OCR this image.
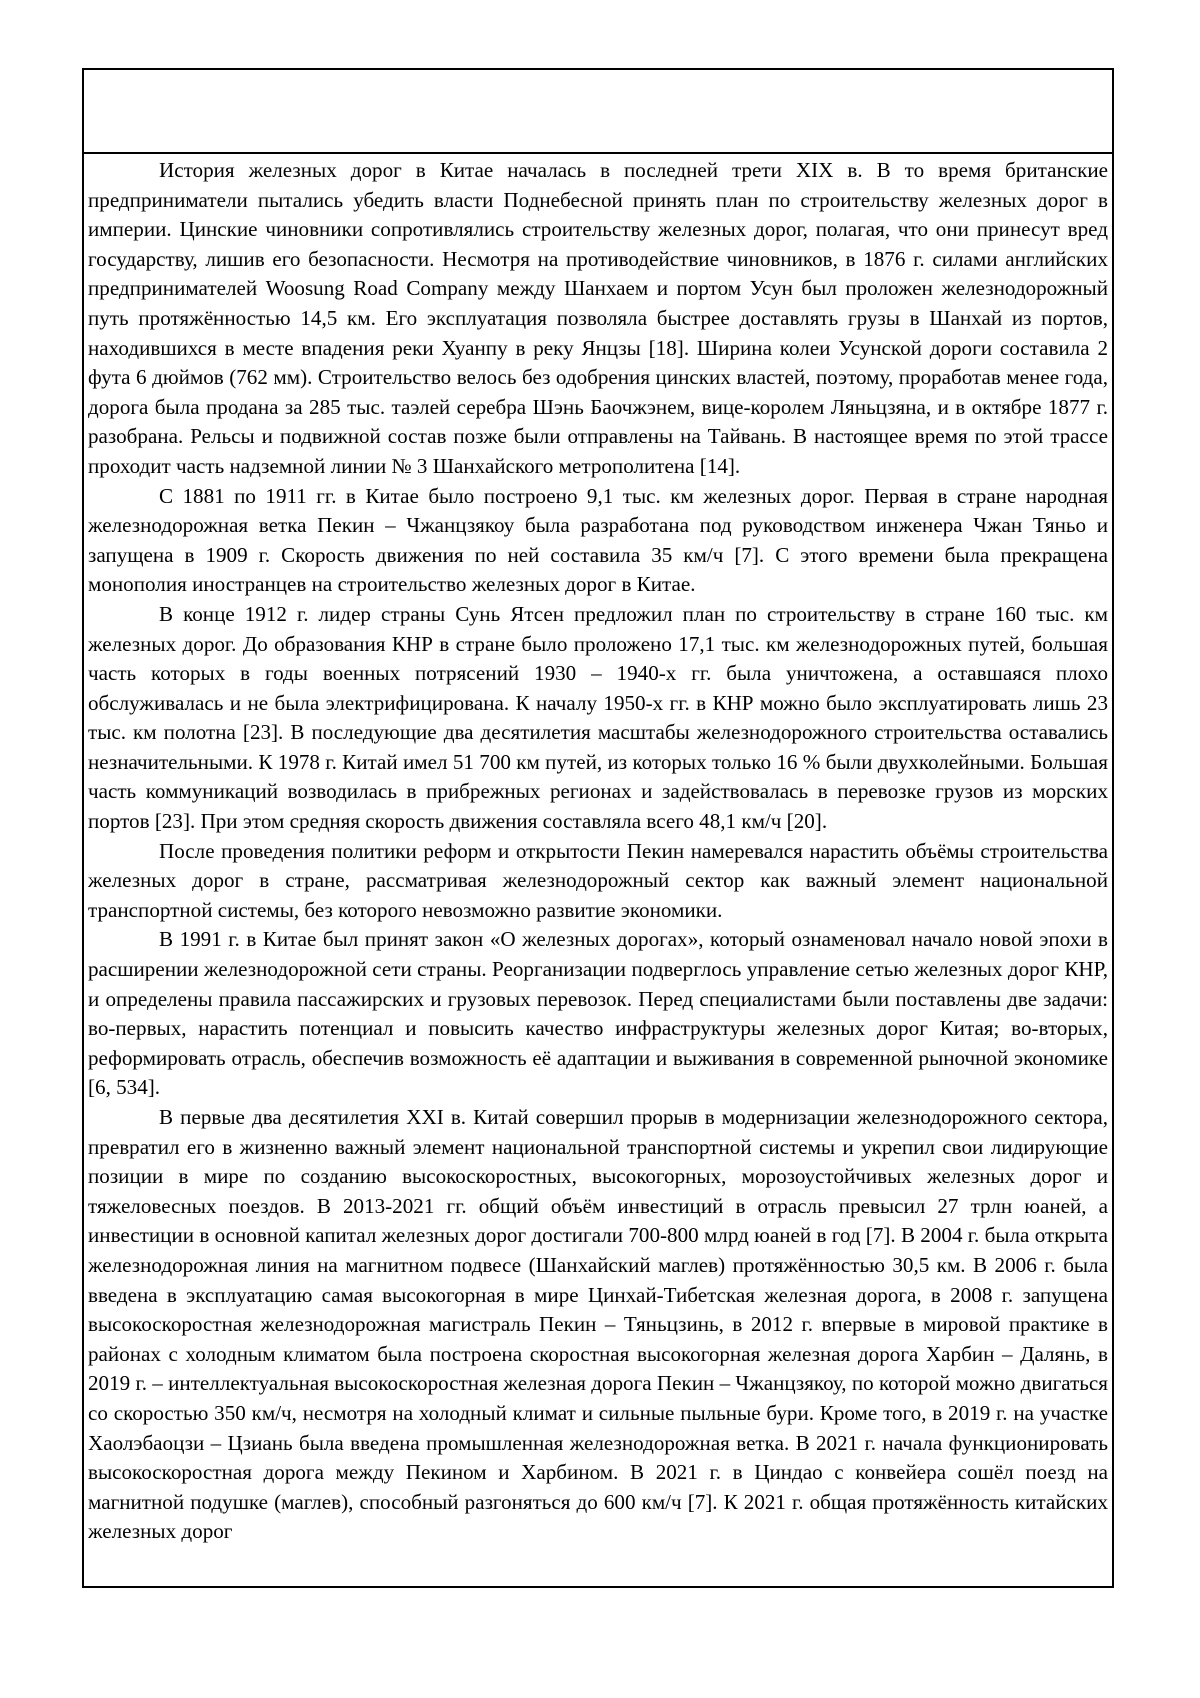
История железных дорог в Китае началась в последней трети XIX в. В то время британские предприниматели пытались убедить власти Поднебесной принять план по строительству железных дорог в империи. Цинские чиновники сопротивлялись строительству железных дорог, полагая, что они принесут вред государству, лишив его безопасности. Несмотря на противодействие чиновников, в 1876 г. силами английских предпринимателей Woosung Road Company между Шанхаем и портом Усун был проложен железнодорожный путь протяжённостью 14,5 км. Его эксплуатация позволяла быстрее доставлять грузы в Шанхай из портов, находившихся в месте впадения реки Хуанпу в реку Янцзы [18]. Ширина колеи Усунской дороги составила 2 фута 6 дюймов (762 мм). Строительство велось без одобрения цинских властей, поэтому, проработав менее года, дорога была продана за 285 тыс. таэлей серебра Шэнь Баочжэнем, вице-королем Ляньцзяна, и в октябре 1877 г. разобрана. Рельсы и подвижной состав позже были отправлены на Тайвань. В настоящее время по этой трассе проходит часть надземной линии № 3 Шанхайского метрополитена [14].

С 1881 по 1911 гг. в Китае было построено 9,1 тыс. км железных дорог. Первая в стране народная железнодорожная ветка Пекин – Чжанцзякоу была разработана под руководством инженера Чжан Тяньо и запущена в 1909 г. Скорость движения по ней составила 35 км/ч [7]. С этого времени была прекращена монополия иностранцев на строительство железных дорог в Китае.

В конце 1912 г. лидер страны Сунь Ятсен предложил план по строительству в стране 160 тыс. км железных дорог. До образования КНР в стране было проложено 17,1 тыс. км железнодорожных путей, большая часть которых в годы военных потрясений 1930 – 1940-х гг. была уничтожена, а оставшаяся плохо обслуживалась и не была электрифицирована. К началу 1950-х гг. в КНР можно было эксплуатировать лишь 23 тыс. км полотна [23]. В последующие два десятилетия масштабы железнодорожного строительства оставались незначительными. К 1978 г. Китай имел 51 700 км путей, из которых только 16 % были двухколейными. Большая часть коммуникаций возводилась в прибрежных регионах и задействовалась в перевозке грузов из морских портов [23]. При этом средняя скорость движения составляла всего 48,1 км/ч [20].

После проведения политики реформ и открытости Пекин намеревался нарастить объёмы строительства железных дорог в стране, рассматривая железнодорожный сектор как важный элемент национальной транспортной системы, без которого невозможно развитие экономики.

В 1991 г. в Китае был принят закон «О железных дорогах», который ознаменовал начало новой эпохи в расширении железнодорожной сети страны. Реорганизации подверглось управление сетью железных дорог КНР, и определены правила пассажирских и грузовых перевозок. Перед специалистами были поставлены две задачи: во-первых, нарастить потенциал и повысить качество инфраструктуры железных дорог Китая; во-вторых, реформировать отрасль, обеспечив возможность её адаптации и выживания в современной рыночной экономике [6, 534].

В первые два десятилетия XXI в. Китай совершил прорыв в модернизации железнодорожного сектора, превратил его в жизненно важный элемент национальной транспортной системы и укрепил свои лидирующие позиции в мире по созданию высокоскоростных, высокогорных, морозоустойчивых железных дорог и тяжеловесных поездов. В 2013-2021 гг. общий объём инвестиций в отрасль превысил 27 трлн юаней, а инвестиции в основной капитал железных дорог достигали 700-800 млрд юаней в год [7]. В 2004 г. была открыта железнодорожная линия на магнитном подвесе (Шанхайский маглев) протяжённостью 30,5 км. В 2006 г. была введена в эксплуатацию самая высокогорная в мире Цинхай-Тибетская железная дорога, в 2008 г. запущена высокоскоростная железнодорожная магистраль Пекин – Тяньцзинь, в 2012 г. впервые в мировой практике в районах с холодным климатом была построена скоростная высокогорная железная дорога Харбин – Далянь, в 2019 г. – интеллектуальная высокоскоростная железная дорога Пекин – Чжанцзякоу, по которой можно двигаться со скоростью 350 км/ч, несмотря на холодный климат и сильные пыльные бури. Кроме того, в 2019 г. на участке Хаолэбаоцзи – Цзиань была введена промышленная железнодорожная ветка. В 2021 г. начала функционировать высокоскоростная дорога между Пекином и Харбином. В 2021 г. в Циндао с конвейера сошёл поезд на магнитной подушке (маглев), способный разгоняться до 600 км/ч [7]. К 2021 г. общая протяжённость китайских железных дорог
